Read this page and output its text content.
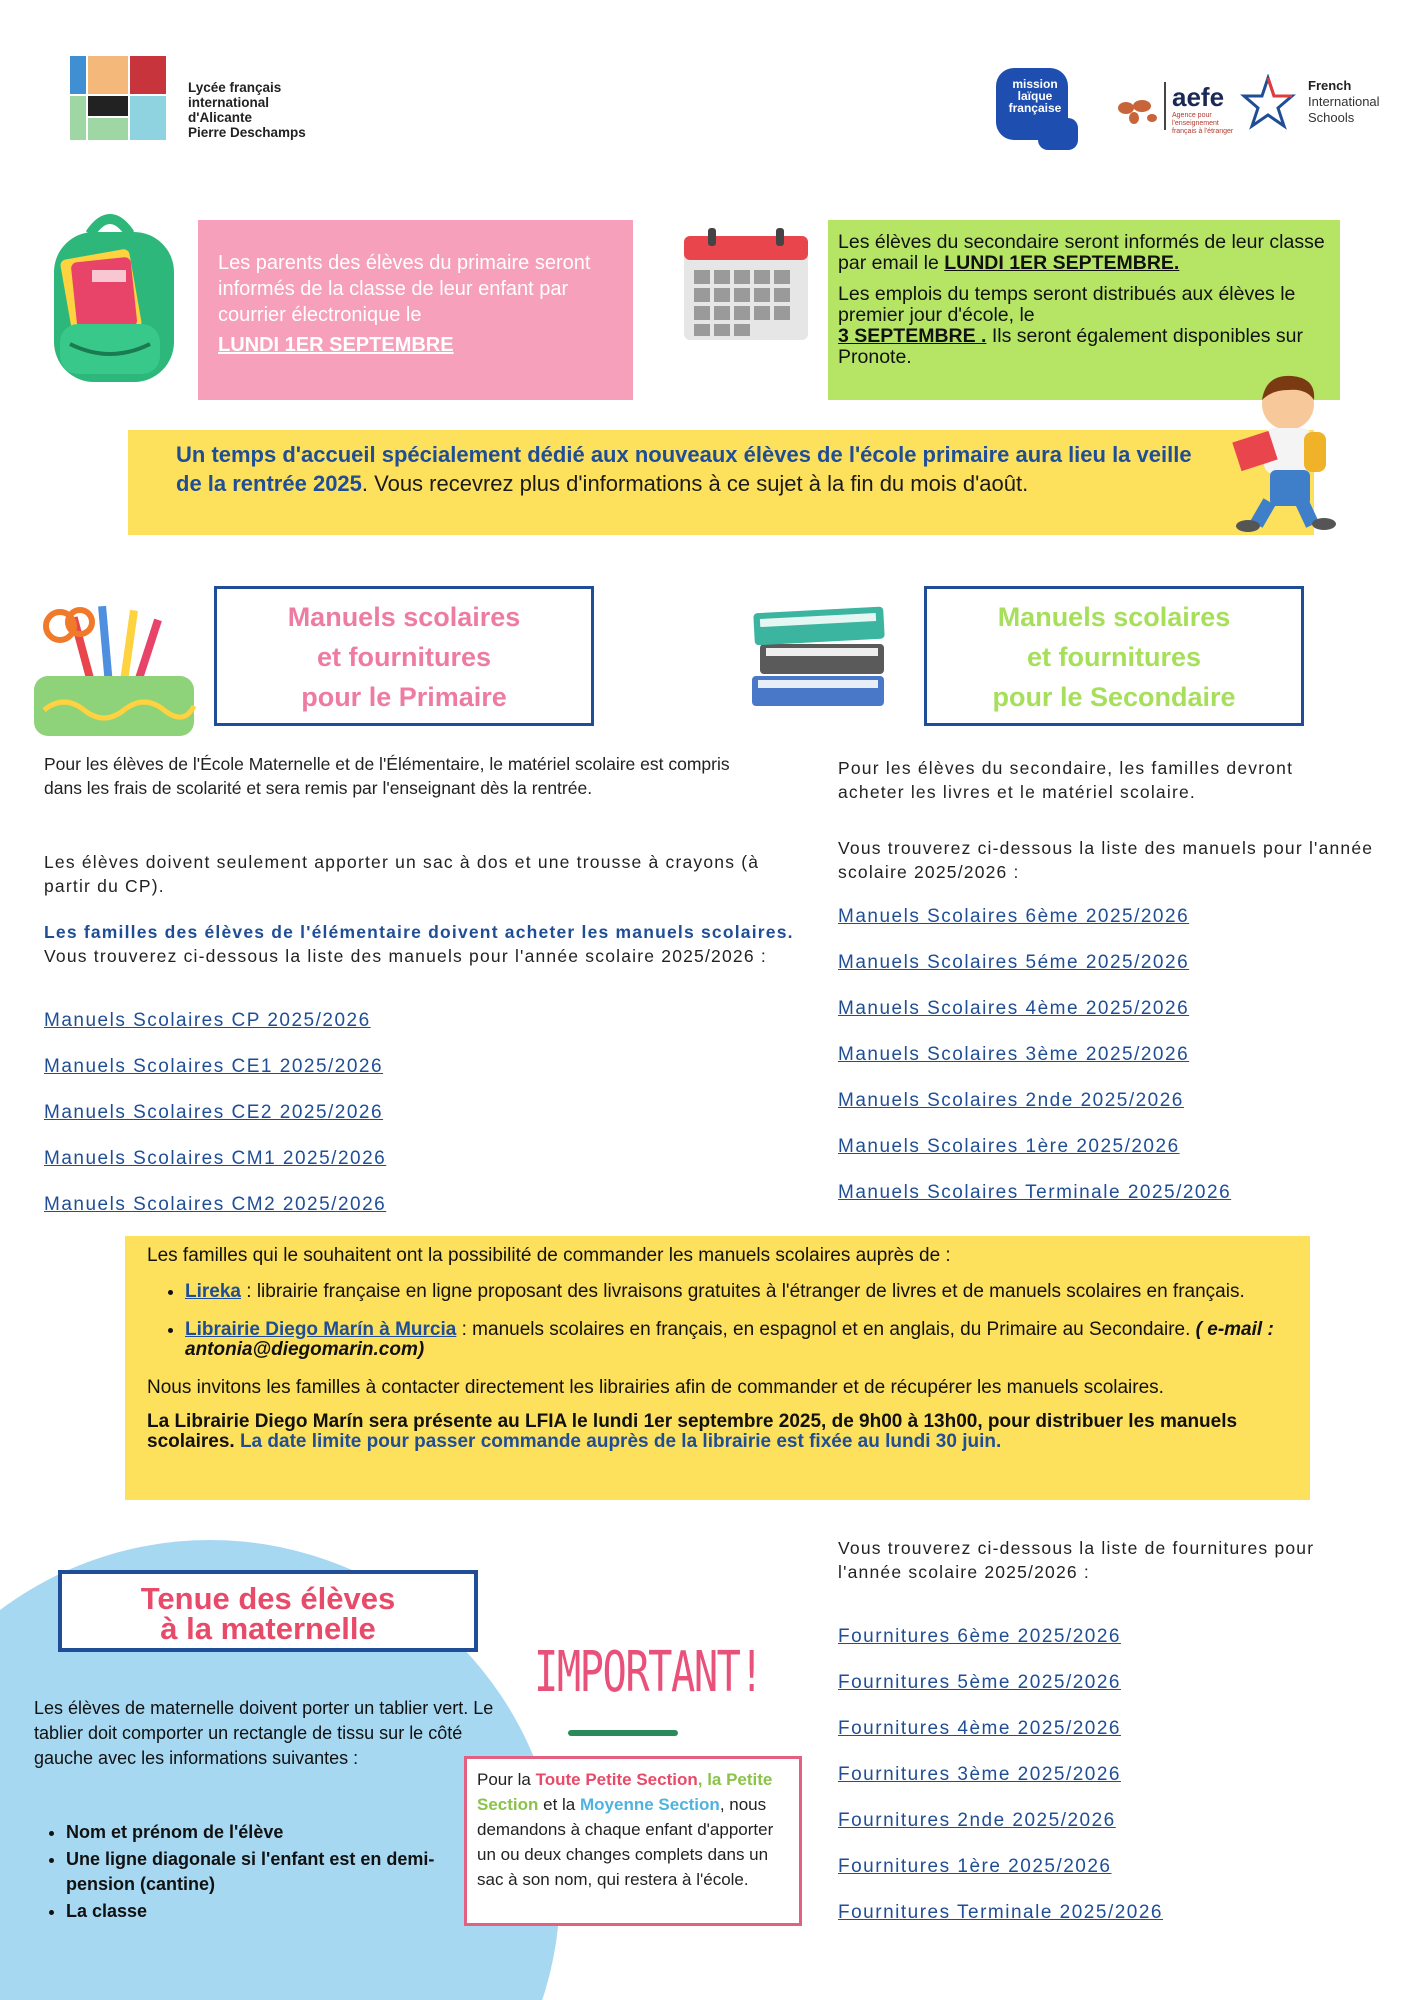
Lycée français
international
d'Alicante
Pierre Deschamps
mission
laïque
française	aefe
Agence pour l'enseignement français à l'étranger
French
International
Schools
Les parents des élèves du primaire seront informés de la classe de leur enfant par courrier électronique le
LUNDI 1ER SEPTEMBRE

Les élèves du secondaire seront informés de leur classe par email le LUNDI 1ER SEPTEMBRE.

Les emplois du temps seront distribués aux élèves le premier jour d'école, le
3 SEPTEMBRE . Ils seront également disponibles sur Pronote.

Un temps d'accueil spécialement dédié aux nouveaux élèves de l'école primaire aura lieu la veille de la rentrée 2025. Vous recevrez plus d'informations à ce sujet à la fin du mois d'août.
Manuels scolaires
et fournitures
pour le Primaire
Manuels scolaires
et fournitures
pour le Secondaire
Pour les élèves de l'École Maternelle et de l'Élémentaire, le matériel scolaire est compris dans les frais de scolarité et sera remis par l'enseignant dès la rentrée.
Les élèves doivent seulement apporter un sac à dos et une trousse à crayons (à partir du CP).
Les familles des élèves de l'élémentaire doivent acheter les manuels scolaires. Vous trouverez ci-dessous la liste des manuels pour l'année scolaire 2025/2026 :
Manuels Scolaires CP 2025/2026
Manuels Scolaires CE1 2025/2026
Manuels Scolaires CE2 2025/2026
Manuels Scolaires CM1 2025/2026
Manuels Scolaires CM2 2025/2026
Pour les élèves du secondaire, les familles devront acheter les livres et le matériel scolaire.
Vous trouverez ci-dessous la liste des manuels pour l'année scolaire 2025/2026 :
Manuels Scolaires 6ème 2025/2026
Manuels Scolaires 5éme 2025/2026
Manuels Scolaires 4ème 2025/2026
Manuels Scolaires 3ème 2025/2026
Manuels Scolaires 2nde 2025/2026
Manuels Scolaires 1ère 2025/2026
Manuels Scolaires Terminale 2025/2026
Les familles qui le souhaitent ont la possibilité de commander les manuels scolaires auprès de :
• Lireka : librairie française en ligne proposant des livraisons gratuites à l'étranger de livres et de manuels scolaires en français.
• Librairie Diego Marín à Murcia : manuels scolaires en français, en espagnol et en anglais, du Primaire au Secondaire. ( e-mail : antonia@diegomarin.com)

Nous invitons les familles à contacter directement les librairies afin de commander et de récupérer les manuels scolaires.

La Librairie Diego Marín sera présente au LFIA le lundi 1er septembre 2025, de 9h00 à 13h00, pour distribuer les manuels scolaires. La date limite pour passer commande auprès de la librairie est fixée au lundi 30 juin.

Vous trouverez ci-dessous la liste de fournitures pour l'année scolaire 2025/2026 :
Fournitures 6ème 2025/2026
Fournitures 5ème 2025/2026
Fournitures 4ème 2025/2026
Fournitures 3ème 2025/2026
Fournitures 2nde 2025/2026
Fournitures 1ère 2025/2026
Fournitures Terminale 2025/2026
Tenue des élèves
à la maternelle
Les élèves de maternelle doivent porter un tablier vert. Le tablier doit comporter un rectangle de tissu sur le côté gauche avec les informations suivantes :
• Nom et prénom de l'élève
• Une ligne diagonale si l'enfant est en demi-pension (cantine)
• La classe
IMPORTANT!
Pour la Toute Petite Section, la Petite Section et la Moyenne Section, nous demandons à chaque enfant d'apporter un ou deux changes complets dans un sac à son nom, qui restera à l'école.
